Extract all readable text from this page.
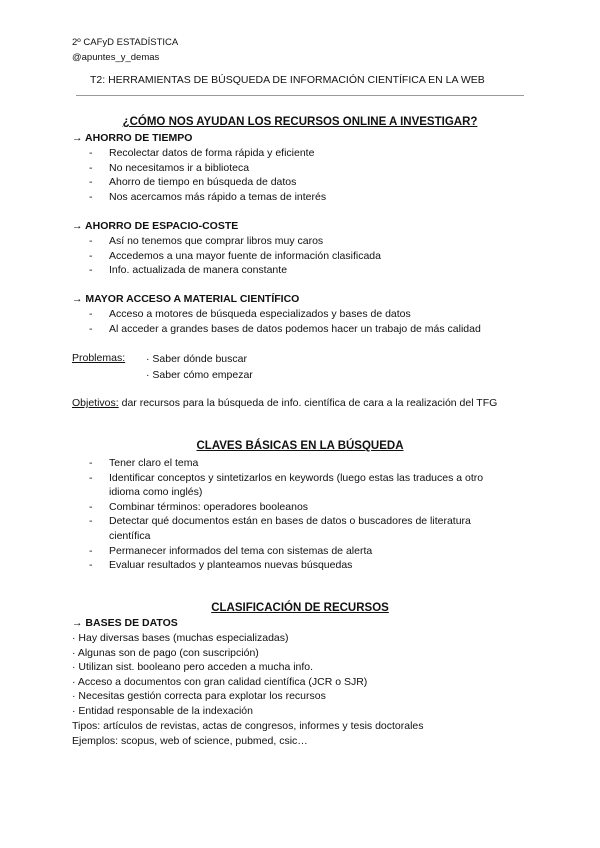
2º CAFyD ESTADÍSTICA
@apuntes_y_demas
T2: HERRAMIENTAS DE BÚSQUEDA DE INFORMACIÓN CIENTÍFICA EN LA WEB
¿CÓMO NOS AYUDAN LOS RECURSOS ONLINE A INVESTIGAR?
→ AHORRO DE TIEMPO
- Recolectar datos de forma rápida y eficiente
- No necesitamos ir a biblioteca
- Ahorro de tiempo en búsqueda de datos
- Nos acercamos más rápido a temas de interés
→ AHORRO DE ESPACIO-COSTE
- Así no tenemos que comprar libros muy caros
- Accedemos a una mayor fuente de información clasificada
- Info. actualizada de manera constante
→ MAYOR ACCESO A MATERIAL CIENTÍFICO
- Acceso a motores de búsqueda especializados y bases de datos
- Al acceder a grandes bases de datos podemos hacer un trabajo de más calidad
Problemas: · Saber dónde buscar
· Saber cómo empezar
Objetivos: dar recursos para la búsqueda de info. científica de cara a la realización del TFG
CLAVES BÁSICAS EN LA BÚSQUEDA
- Tener claro el tema
- Identificar conceptos y sintetizarlos en keywords (luego estas las traduces a otro idioma como inglés)
- Combinar términos: operadores booleanos
- Detectar qué documentos están en bases de datos o buscadores de literatura científica
- Permanecer informados del tema con sistemas de alerta
- Evaluar resultados y planteamos nuevas búsquedas
CLASIFICACIÓN DE RECURSOS
→ BASES DE DATOS
· Hay diversas bases (muchas especializadas)
· Algunas son de pago (con suscripción)
· Utilizan sist. booleano pero acceden a mucha info.
· Acceso a documentos con gran calidad científica (JCR o SJR)
· Necesitas gestión correcta para explotar los recursos
· Entidad responsable de la indexación
Tipos: artículos de revistas, actas de congresos, informes y tesis doctorales
Ejemplos: scopus, web of science, pubmed, csic…
